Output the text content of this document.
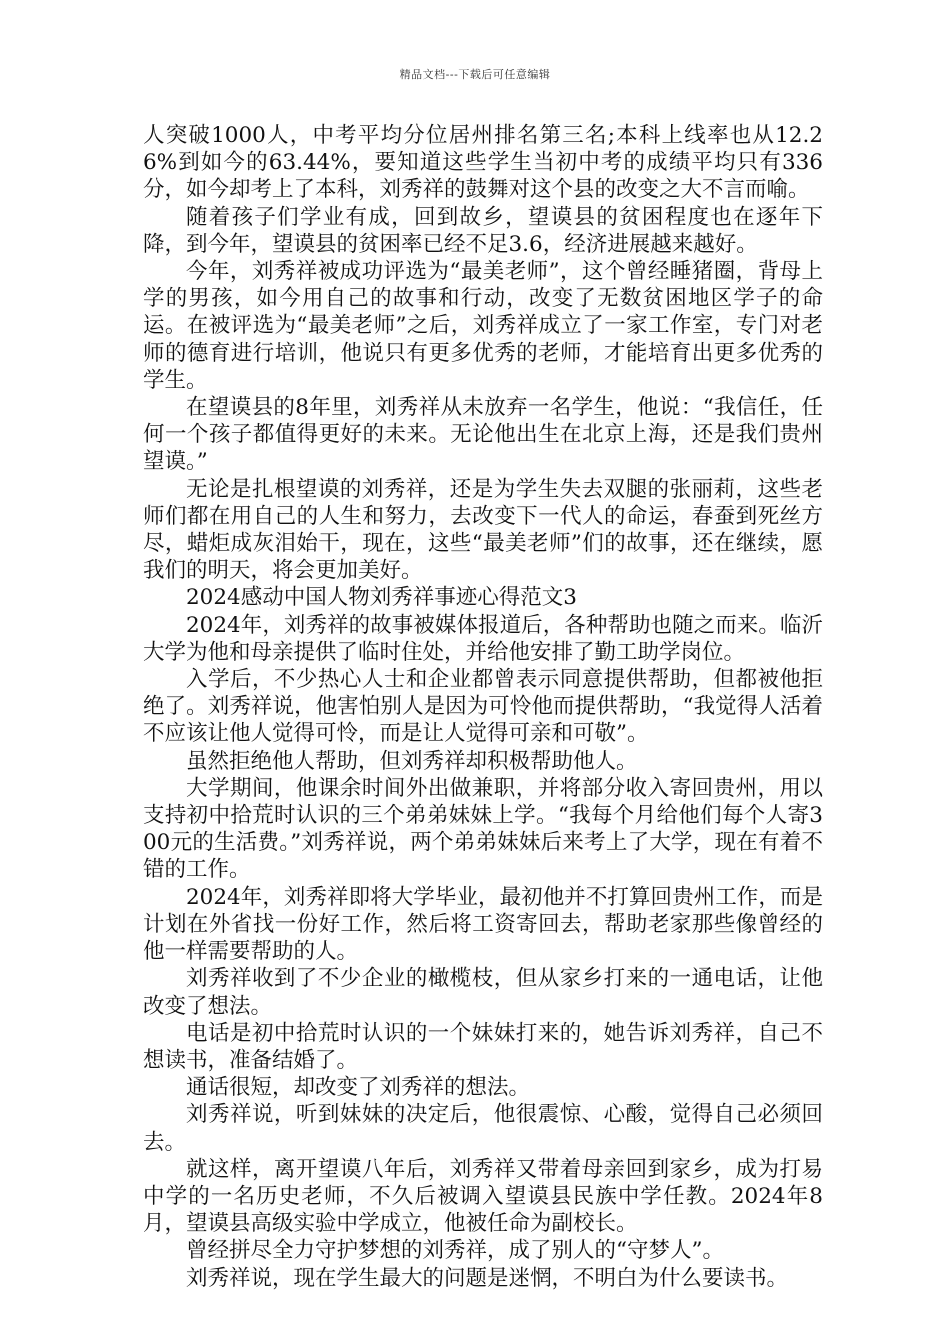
精品文档---下载后可任意编辑

人突破1000人，中考平均分位居州排名第三名;本科上线率也从12.26%到如今的63.44%，要知道这些学生当初中考的成绩平均只有336分，如今却考上了本科，刘秀祥的鼓舞对这个县的改变之大不言而喻。

随着孩子们学业有成，回到故乡，望谟县的贫困程度也在逐年下降，到今年，望谟县的贫困率已经不足3.6，经济进展越来越好。

今年，刘秀祥被成功评选为“最美老师”，这个曾经睡猪圈，背母上学的男孩，如今用自己的故事和行动，改变了无数贫困地区学子的命运。在被评选为“最美老师”之后，刘秀祥成立了一家工作室，专门对老师的德育进行培训，他说只有更多优秀的老师，才能培育出更多优秀的学生。

在望谟县的8年里，刘秀祥从未放弃一名学生，他说：“我信任，任何一个孩子都值得更好的未来。无论他出生在北京上海，还是我们贵州望谟。”

无论是扎根望谟的刘秀祥，还是为学生失去双腿的张丽莉，这些老师们都在用自己的人生和努力，去改变下一代人的命运，春蚕到死丝方尽，蜡炬成灰泪始干，现在，这些“最美老师”们的故事，还在继续，愿我们的明天，将会更加美好。

2024感动中国人物刘秀祥事迹心得范文3

2024年，刘秀祥的故事被媒体报道后，各种帮助也随之而来。临沂大学为他和母亲提供了临时住处，并给他安排了勤工助学岗位。

入学后，不少热心人士和企业都曾表示同意提供帮助，但都被他拒绝了。刘秀祥说，他害怕别人是因为可怜他而提供帮助，“我觉得人活着不应该让他人觉得可怜，而是让人觉得可亲和可敬”。

虽然拒绝他人帮助，但刘秀祥却积极帮助他人。

大学期间，他课余时间外出做兼职，并将部分收入寄回贵州，用以支持初中拾荒时认识的三个弟弟妹妹上学。“我每个月给他们每个人寄300元的生活费。”刘秀祥说，两个弟弟妹妹后来考上了大学，现在有着不错的工作。

2024年，刘秀祥即将大学毕业，最初他并不打算回贵州工作，而是计划在外省找一份好工作，然后将工资寄回去，帮助老家那些像曾经的他一样需要帮助的人。

刘秀祥收到了不少企业的橄榄枝，但从家乡打来的一通电话，让他改变了想法。

电话是初中拾荒时认识的一个妹妹打来的，她告诉刘秀祥，自己不想读书，准备结婚了。

通话很短，却改变了刘秀祥的想法。

刘秀祥说，听到妹妹的决定后，他很震惊、心酸，觉得自己必须回去。

就这样，离开望谟八年后，刘秀祥又带着母亲回到家乡，成为打易中学的一名历史老师，不久后被调入望谟县民族中学任教。2024年8月，望谟县高级实验中学成立，他被任命为副校长。

曾经拼尽全力守护梦想的刘秀祥，成了别人的“守梦人”。

刘秀祥说，现在学生最大的问题是迷惘，不明白为什么要读书。
